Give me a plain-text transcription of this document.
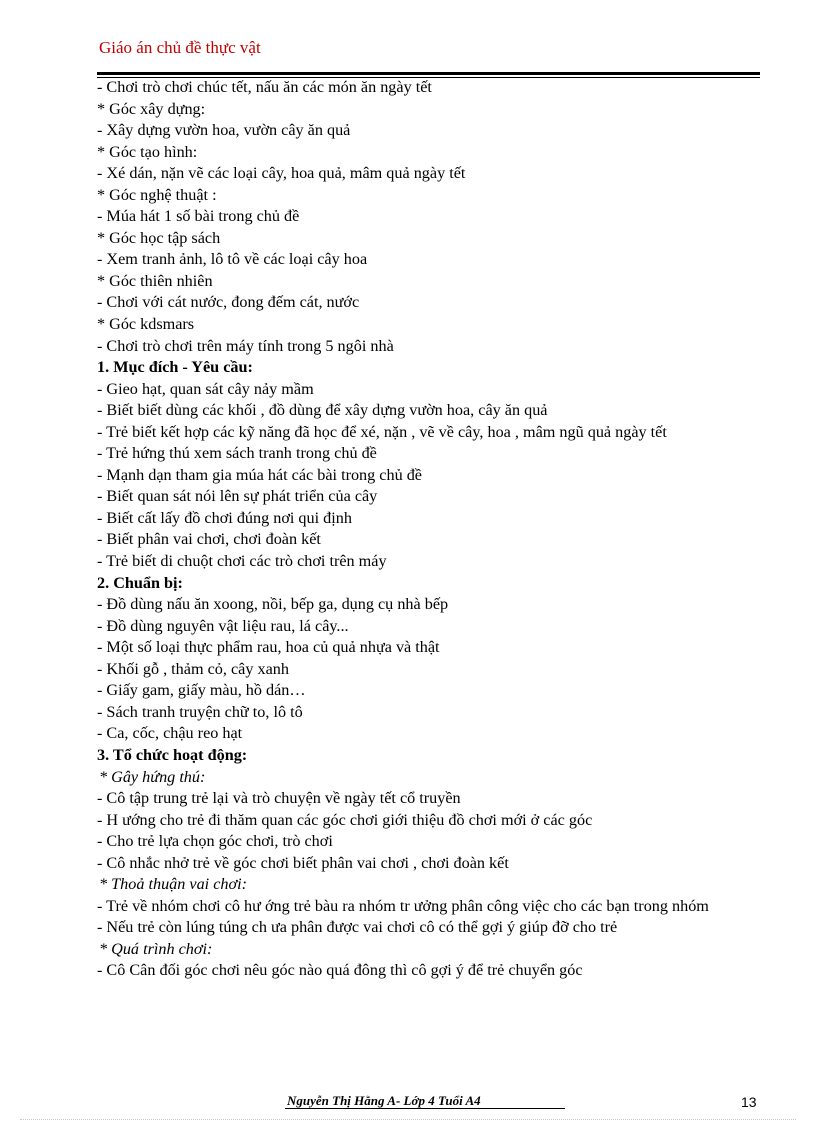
Giáo án chủ đề thực vật
- Chơi trò chơi chúc tết, nấu ăn các món ăn ngày tết
* Góc xây dựng:
- Xây dựng vườn hoa, vườn cây ăn quả
* Góc tạo hình:
- Xé dán, nặn vẽ các loại cây, hoa quả, mâm quả ngày tết
* Góc nghệ thuật :
- Múa hát 1 số bài trong chủ đề
* Góc học tập sách
- Xem tranh ảnh, lô tô về các loại cây hoa
* Góc thiên nhiên
- Chơi với cát nước, đong đếm cát, nước
* Góc kdsmars
- Chơi trò chơi trên máy tính trong 5 ngôi nhà
1. Mục đích - Yêu cầu:
- Gieo hạt, quan sát cây nảy mầm
- Biết biết dùng các khối , đồ dùng để xây dựng vườn hoa, cây ăn quả
- Trẻ biết kết hợp các kỹ năng đã học để xé, nặn , vẽ về cây, hoa , mâm ngũ quả ngày tết
- Trẻ hứng thú xem sách tranh trong chủ đề
- Mạnh dạn tham gia múa hát các bài trong chủ đề
- Biết quan sát nói lên sự phát triển của cây
- Biết cất lấy đồ chơi đúng nơi qui định
- Biết phân vai chơi, chơi đoàn kết
- Trẻ biết di chuột chơi các trò chơi trên máy
2. Chuẩn bị:
- Đồ dùng nấu ăn xoong, nồi, bếp ga, dụng cụ nhà bếp
- Đồ dùng nguyên vật liệu rau, lá cây...
- Một số loại thực phẩm rau, hoa củ quả nhựa và thật
- Khối gỗ , thảm cỏ, cây xanh
- Giấy gam, giấy màu, hồ dán…
- Sách tranh truyện chữ to, lô tô
- Ca, cốc, chậu reo hạt
3. Tổ chức hoạt động:
* Gây hứng thú:
- Cô tập trung trẻ lại và trò chuyện về ngày tết cổ truyền
- H ướng cho trẻ đi thăm quan các góc chơi giới thiệu đồ chơi mới ở các góc
- Cho trẻ lựa chọn góc chơi, trò chơi
- Cô nhắc nhở trẻ về góc chơi biết phân vai chơi , chơi đoàn kết
* Thoả thuận vai chơi:
- Trẻ về nhóm chơi cô hư ớng trẻ bàu ra nhóm tr ưởng phân công việc cho các bạn trong nhóm
- Nếu trẻ còn lúng túng ch ưa phân được vai chơi cô có thể gợi ý giúp đỡ cho trẻ
* Quá trình chơi:
- Cô Cân đối góc chơi nêu góc nào quá đông thì cô gợi ý để trẻ chuyển góc
Nguyễn Thị Hằng A- Lớp 4 Tuổi A4	13
